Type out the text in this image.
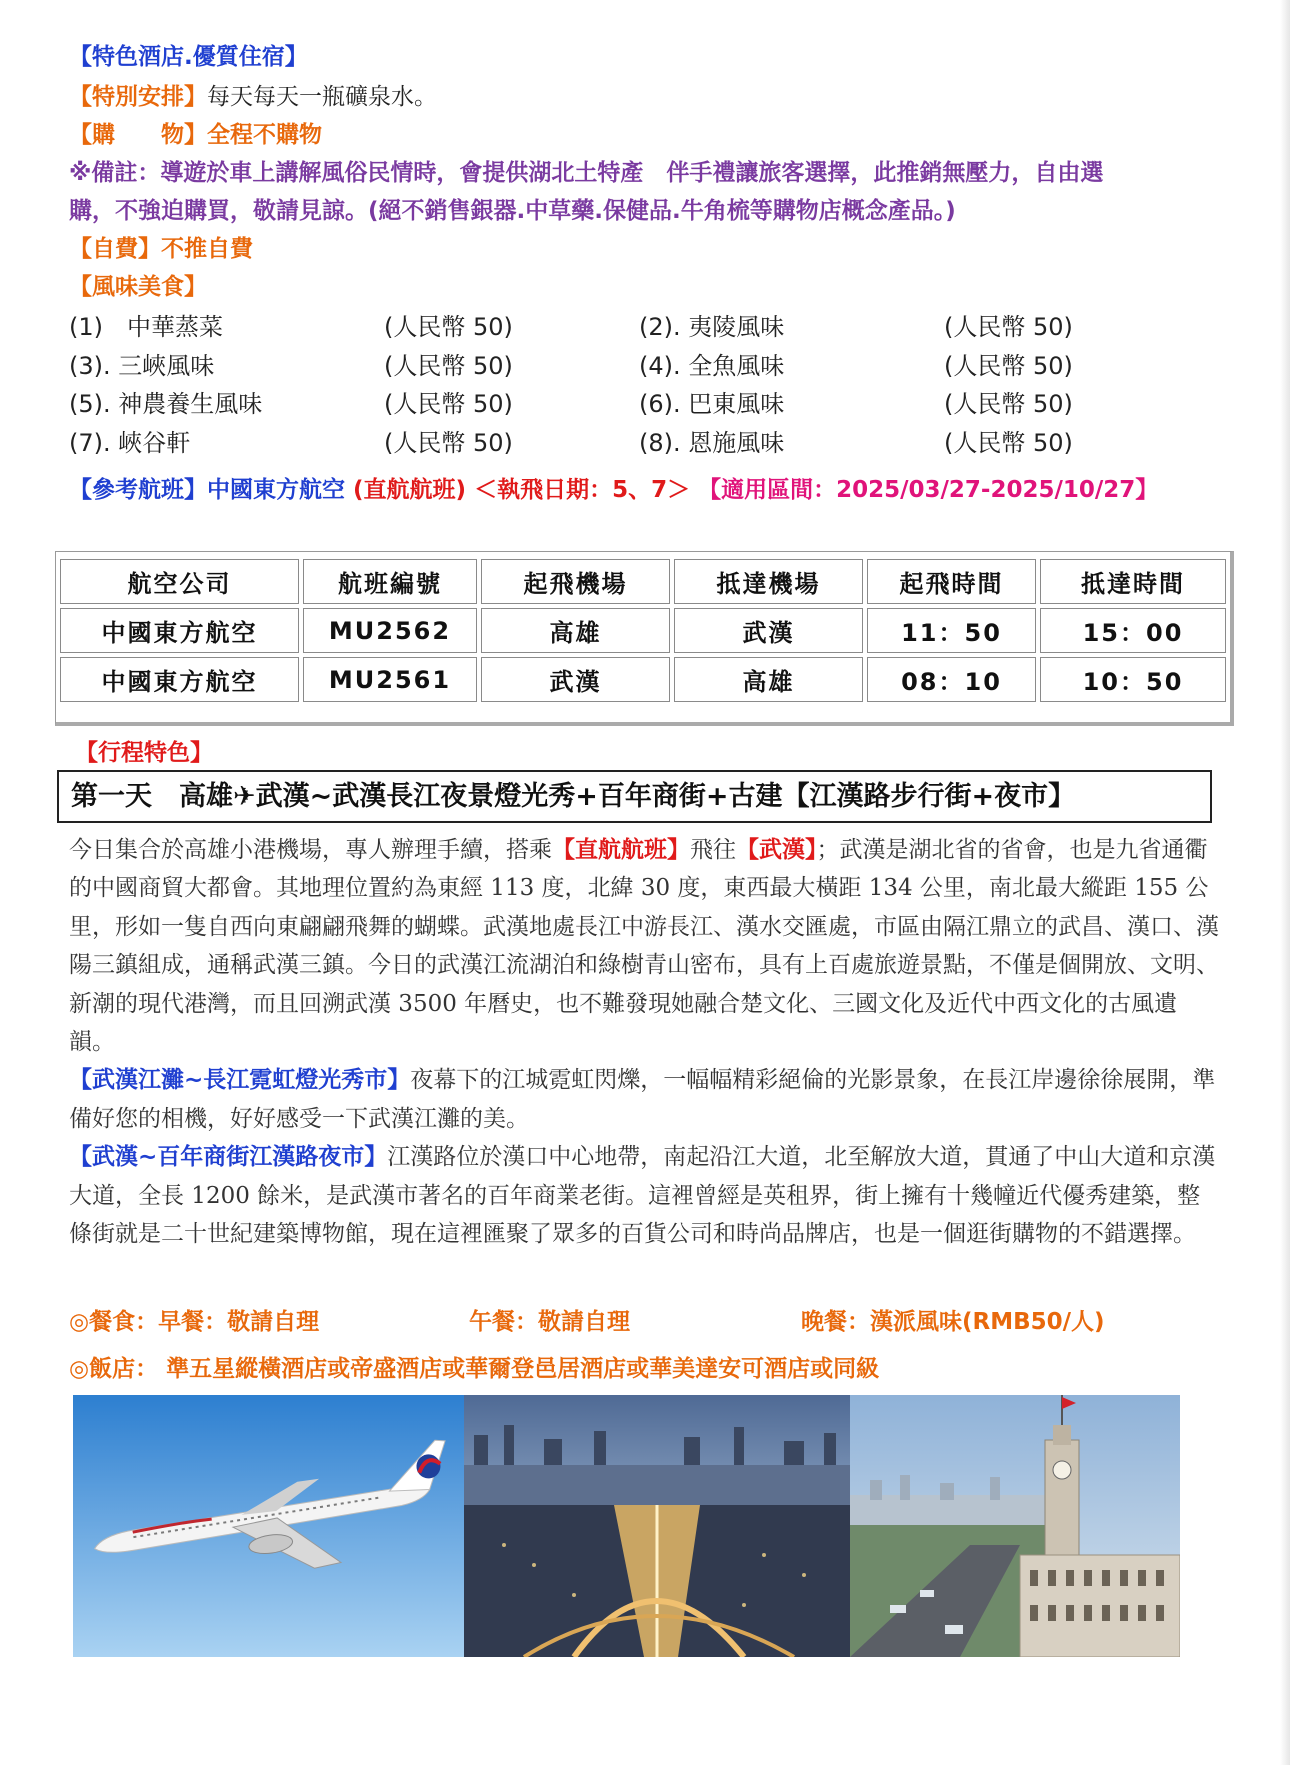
【特色酒店.優質住宿】
【特別安排】每天每天一瓶礦泉水。
【購　　物】全程不購物
※備註：導遊於車上講解風俗民情時，會提供湖北土特產　伴手禮讓旅客選擇，此推銷無壓力，自由選
購，不強迫購買，敬請見諒。(絕不銷售銀器.中草藥.保健品.牛角梳等購物店概念產品。)
【自費】不推自費
【風味美食】
(1)　中華蒸菜	(人民幣 50)	(2). 夷陵風味	(人民幣 50)
(3). 三峽風味	(人民幣 50)	(4). 全魚風味	(人民幣 50)
(5). 神農養生風味	(人民幣 50)	(6). 巴東風味	(人民幣 50)
(7). 峽谷軒	(人民幣 50)	(8). 恩施風味	(人民幣 50)
【參考航班】中國東方航空 (直航航班) ＜執飛日期：5、7＞ 【適用區間：2025/03/27-2025/10/27】
航空公司	航班編號	起飛機場	抵達機場	起飛時間	抵達時間
中國東方航空	MU2562	高雄	武漢	11：50	15：00
中國東方航空	MU2561	武漢	高雄	08：10	10：50
【行程特色】
第一天　高雄✈武漢~武漢長江夜景燈光秀+百年商街+古建【江漢路步行街+夜市】

今日集合於高雄小港機場，專人辦理手續，搭乘【直航航班】飛往【武漢】；武漢是湖北省的省會，也是九省通衢的中國商貿大都會。其地理位置約為東經 113 度，北緯 30 度，東西最大橫距 134 公里，南北最大縱距 155 公里，形如一隻自西向東翩翩飛舞的蝴蝶。武漢地處長江中游長江、漢水交匯處，市區由隔江鼎立的武昌、漢口、漢陽三鎮組成，通稱武漢三鎮。今日的武漢江流湖泊和綠樹青山密布，具有上百處旅遊景點，不僅是個開放、文明、新潮的現代港灣，而且回溯武漢 3500 年曆史，也不難發現她融合楚文化、三國文化及近代中西文化的古風遺韻。

【武漢江灘~長江霓虹燈光秀市】夜幕下的江城霓虹閃爍，一幅幅精彩絕倫的光影景象，在長江岸邊徐徐展開，準備好您的相機，好好感受一下武漢江灘的美。

【武漢~百年商街江漢路夜市】江漢路位於漢口中心地帶，南起沿江大道，北至解放大道，貫通了中山大道和京漢大道，全長 1200 餘米，是武漢市著名的百年商業老街。這裡曾經是英租界，街上擁有十幾幢近代優秀建築，整條街就是二十世紀建築博物館，現在這裡匯聚了眾多的百貨公司和時尚品牌店，也是一個逛街購物的不錯選擇。

◎餐食：早餐：敬請自理	午餐：敬請自理	晚餐：漢派風味(RMB50/人)
◎飯店： 準五星縱橫酒店或帝盛酒店或華爾登邑居酒店或華美達安可酒店或同級
